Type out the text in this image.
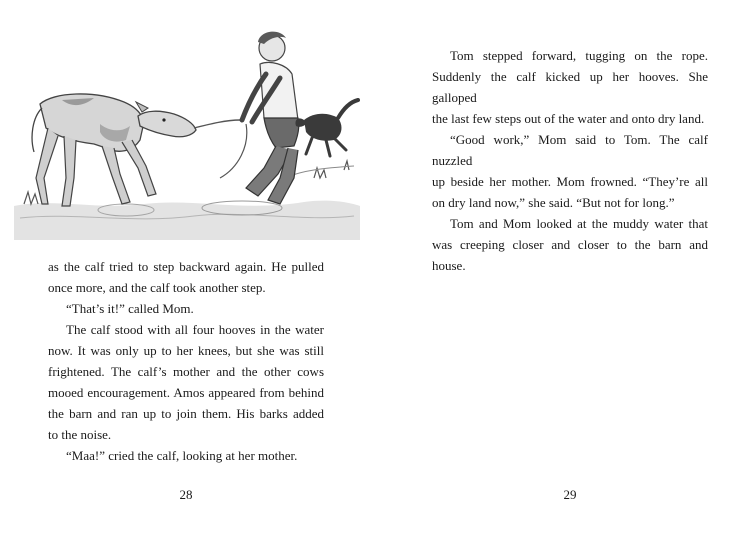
as the calf tried to step backward again. He pulled

once more, and the calf took another step.

“That’s it!” called Mom.

The calf stood with all four hooves in the water

now. It was only up to her knees, but she was still

frightened. The calf’s mother and the other cows

mooed encouragement. Amos appeared from behind

the barn and ran up to join them. His barks added

to the noise.

“Maa!” cried the calf, looking at her mother.

28

Tom stepped forward, tugging on the rope.

Suddenly the calf kicked up her hooves. She galloped

the last few steps out of the water and onto dry land.

“Good work,” Mom said to Tom. The calf nuzzled

up beside her mother. Mom frowned. “They’re all

on dry land now,” she said. “But not for long.”

Tom and Mom looked at the muddy water that

was creeping closer and closer to the barn and house.

29
